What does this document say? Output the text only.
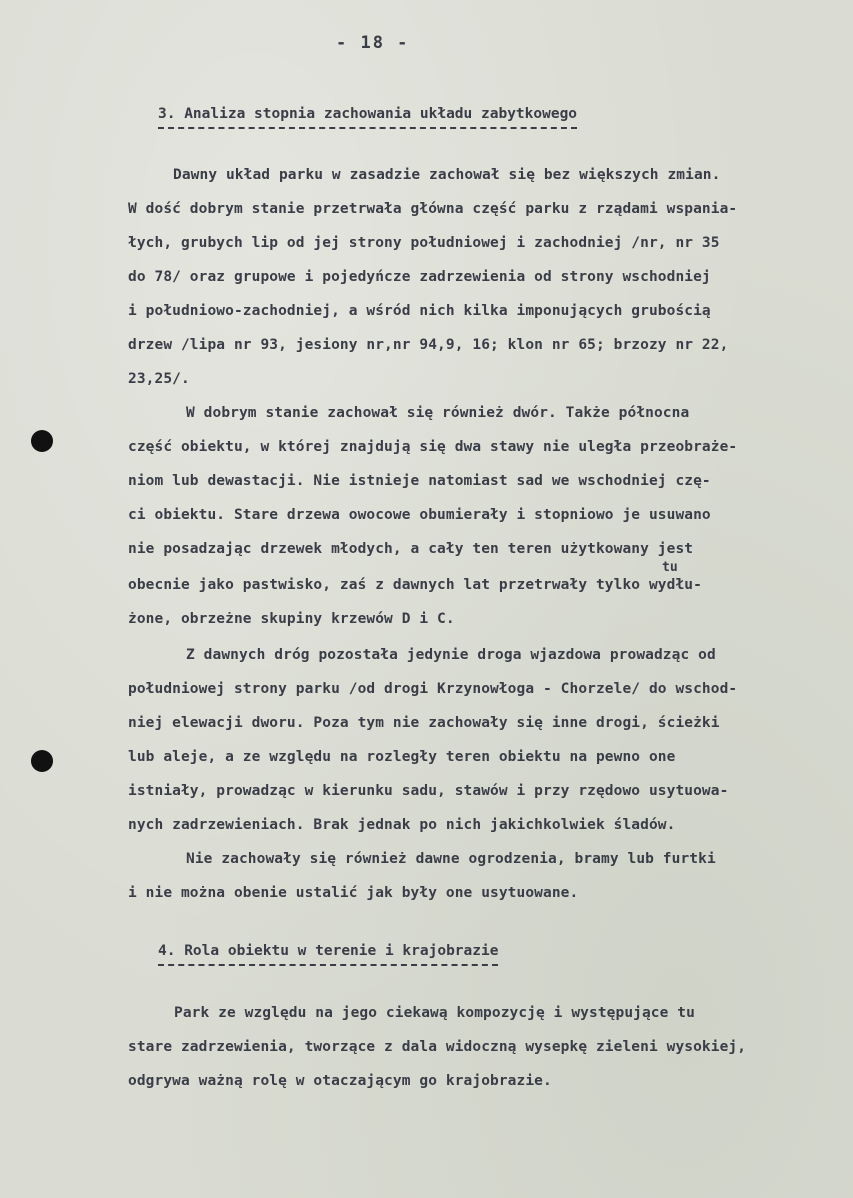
- 18 -
3. Analiza stopnia zachowania układu zabytkowego
Dawny układ parku w zasadzie zachował się bez większych zmian.
W dość dobrym stanie przetrwała główna część parku z rządami wspania-
łych, grubych lip od jej strony południowej i zachodniej /nr, nr 35
do 78/ oraz grupowe i pojedyńcze zadrzewienia od strony wschodniej
i południowo-zachodniej, a wśród nich kilka imponujących grubością
drzew /lipa nr 93, jesiony nr,nr 94,9, 16; klon nr 65; brzozy nr 22,
23,25/.
W dobrym stanie zachował się również dwór. Także północna
część obiektu, w której znajdują się dwa stawy nie uległa przeobraże-
niom lub dewastacji. Nie istnieje natomiast sad we wschodniej czę-
ci obiektu. Stare drzewa owocowe obumierały i stopniowo je usuwano
nie posadzając drzewek młodych, a cały ten teren użytkowany jest
tu
obecnie jako pastwisko, zaś z dawnych lat przetrwały tylko wydłu-
żone, obrzeżne skupiny krzewów D i C.
Z dawnych dróg pozostała jedynie droga wjazdowa prowadząc od
południowej strony parku /od drogi Krzynowłoga - Chorzele/ do wschod-
niej elewacji dworu. Poza tym nie zachowały się inne drogi, ścieżki
lub aleje, a ze względu na rozległy teren obiektu na pewno one
istniały, prowadząc w kierunku sadu, stawów i przy rzędowo usytuowa-
nych zadrzewieniach. Brak jednak po nich jakichkolwiek śladów.
Nie zachowały się również dawne ogrodzenia, bramy lub furtki
i nie można obenie ustalić jak były one usytuowane.
4. Rola obiektu w terenie i krajobrazie
Park ze względu na jego ciekawą kompozycję i występujące tu
stare zadrzewienia, tworzące z dala widoczną wysepkę zieleni wysokiej,
odgrywa ważną rolę w otaczającym go krajobrazie.
